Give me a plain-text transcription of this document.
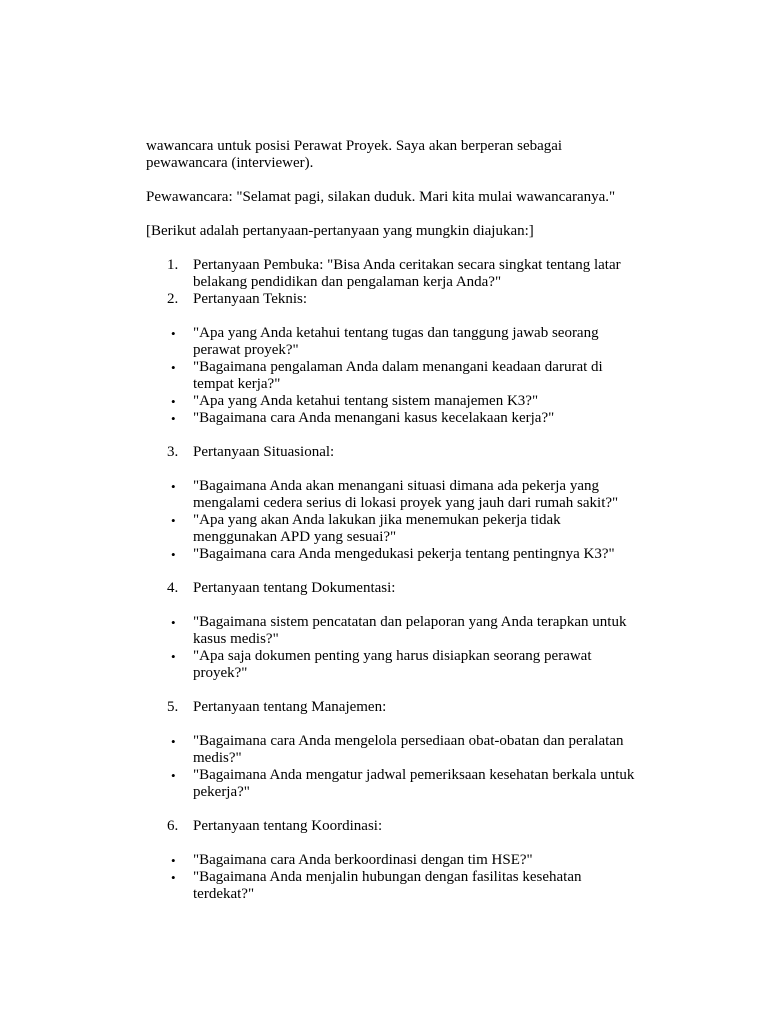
wawancara untuk posisi Perawat Proyek. Saya akan berperan sebagai

pewawancara (interviewer).

Pewawancara: "Selamat pagi, silakan duduk. Mari kita mulai wawancaranya."

[Berikut adalah pertanyaan-pertanyaan yang mungkin diajukan:]

1. Pertanyaan Pembuka: "Bisa Anda ceritakan secara singkat tentang latar
belakang pendidikan dan pengalaman kerja Anda?"
2. Pertanyaan Teknis:
• "Apa yang Anda ketahui tentang tugas dan tanggung jawab seorang
perawat proyek?"
• "Bagaimana pengalaman Anda dalam menangani keadaan darurat di
tempat kerja?"
• "Apa yang Anda ketahui tentang sistem manajemen K3?"
• "Bagaimana cara Anda menangani kasus kecelakaan kerja?"
3. Pertanyaan Situasional:
• "Bagaimana Anda akan menangani situasi dimana ada pekerja yang
mengalami cedera serius di lokasi proyek yang jauh dari rumah sakit?"
• "Apa yang akan Anda lakukan jika menemukan pekerja tidak
menggunakan APD yang sesuai?"
• "Bagaimana cara Anda mengedukasi pekerja tentang pentingnya K3?"
4. Pertanyaan tentang Dokumentasi:
• "Bagaimana sistem pencatatan dan pelaporan yang Anda terapkan untuk
kasus medis?"
• "Apa saja dokumen penting yang harus disiapkan seorang perawat
proyek?"
5. Pertanyaan tentang Manajemen:
• "Bagaimana cara Anda mengelola persediaan obat-obatan dan peralatan
medis?"
• "Bagaimana Anda mengatur jadwal pemeriksaan kesehatan berkala untuk
pekerja?"
6. Pertanyaan tentang Koordinasi:
• "Bagaimana cara Anda berkoordinasi dengan tim HSE?"
• "Bagaimana Anda menjalin hubungan dengan fasilitas kesehatan
terdekat?"
